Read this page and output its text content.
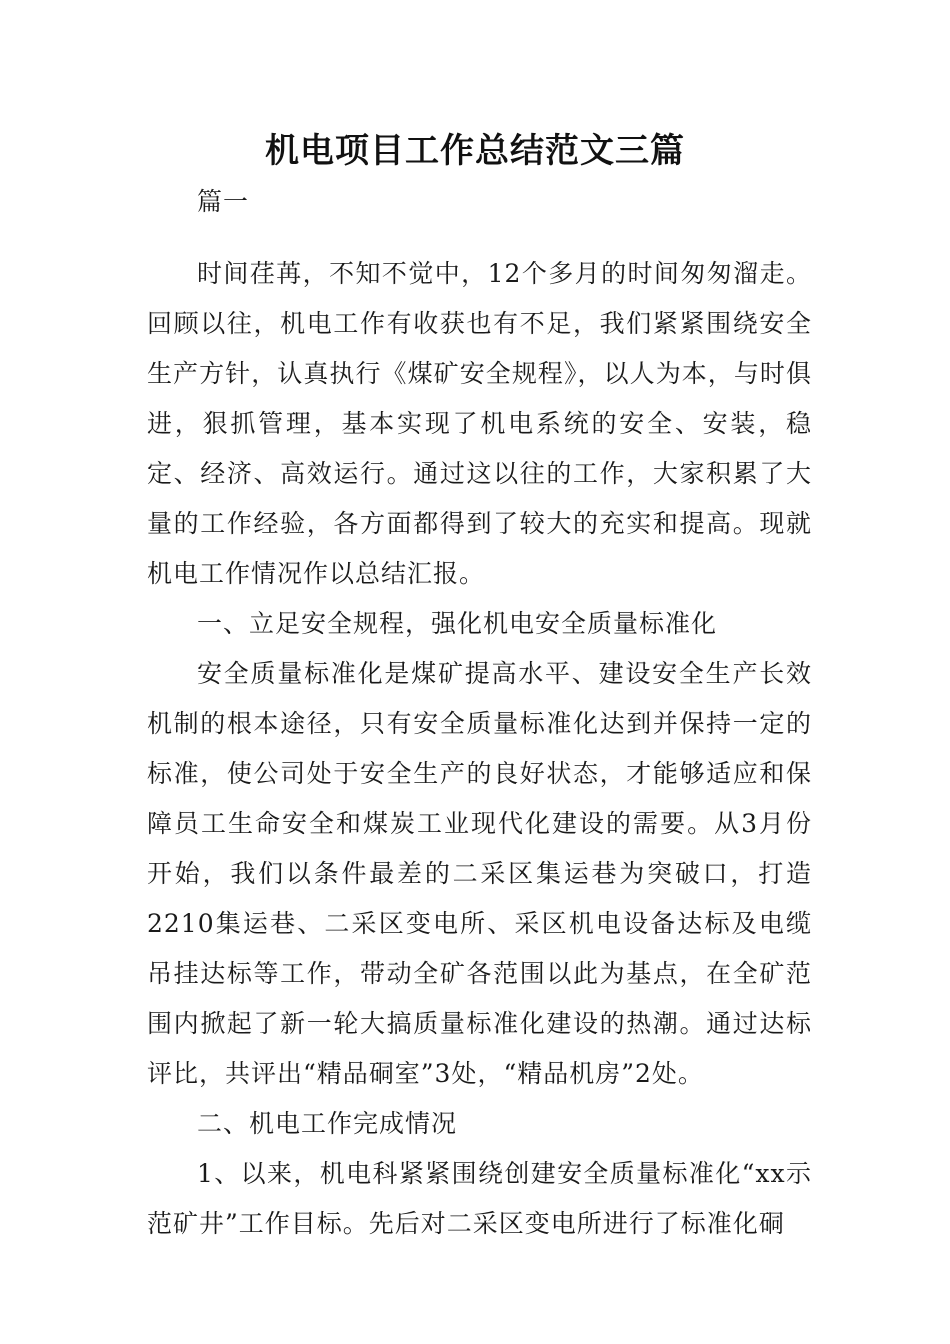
机电项目工作总结范文三篇

篇一

时间荏苒，不知不觉中，12个多月的时间匆匆溜走。回顾以往，机电工作有收获也有不足，我们紧紧围绕安全生产方针，认真执行《煤矿安全规程》，以人为本，与时俱进，狠抓管理，基本实现了机电系统的安全、安装，稳定、经济、高效运行。通过这以往的工作，大家积累了大量的工作经验，各方面都得到了较大的充实和提高。现就机电工作情况作以总结汇报。

一、立足安全规程，强化机电安全质量标准化

安全质量标准化是煤矿提高水平、建设安全生产长效机制的根本途径，只有安全质量标准化达到并保持一定的标准，使公司处于安全生产的良好状态，才能够适应和保障员工生命安全和煤炭工业现代化建设的需要。从3月份开始，我们以条件最差的二采区集运巷为突破口，打造2210集运巷、二采区变电所、采区机电设备达标及电缆吊挂达标等工作，带动全矿各范围以此为基点，在全矿范围内掀起了新一轮大搞质量标准化建设的热潮。通过达标评比，共评出“精品硐室”3处，“精品机房”2处。

二、机电工作完成情况

1、以来，机电科紧紧围绕创建安全质量标准化“xx示范矿井”工作目标。先后对二采区变电所进行了标准化硐
